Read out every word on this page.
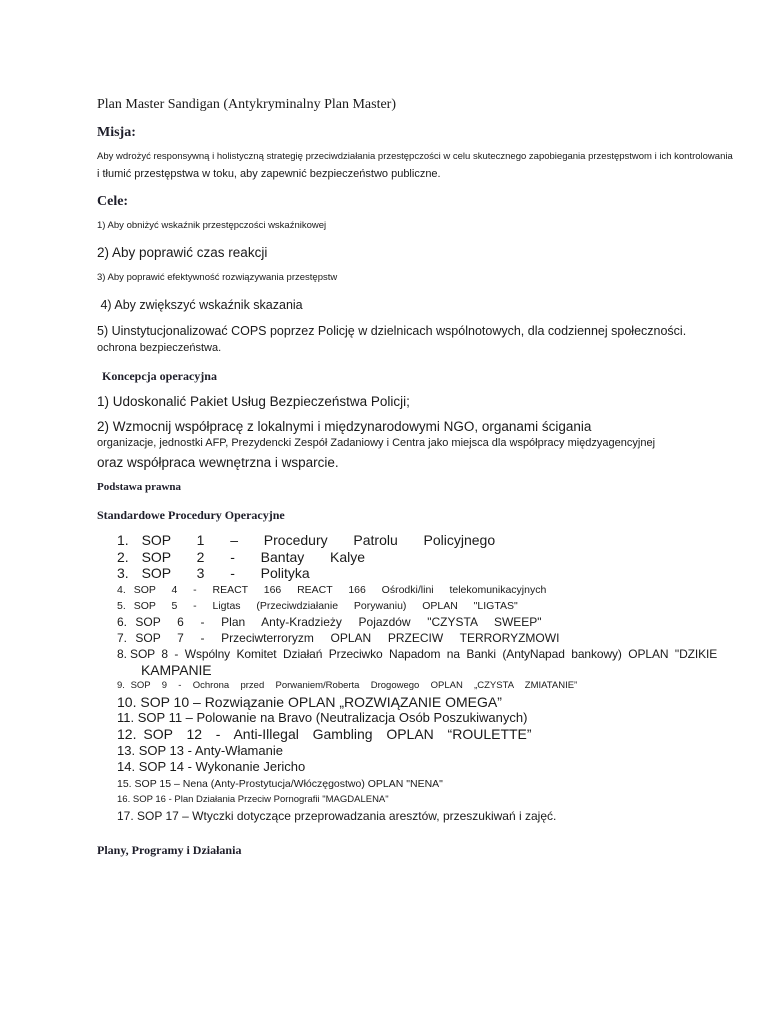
Plan Master Sandigan (Antykryminalny Plan Master)
Misja:
Aby wdrożyć responsywną i holistyczną strategię przeciwdziałania przestępczości w celu skutecznego zapobiegania przestępstwom i ich kontrolowania
i tłumić przestępstwa w toku, aby zapewnić bezpieczeństwo publiczne.
Cele:
1) Aby obniżyć wskaźnik przestępczości wskaźnikowej
2) Aby poprawić czas reakcji
3) Aby poprawić efektywność rozwiązywania przestępstw
4) Aby zwiększyć wskaźnik skazania
5) Uinstytucjonalizować COPS poprzez Policję w dzielnicach wspólnotowych, dla codziennej społeczności.
ochrona bezpieczeństwa.
Koncepcja operacyjna
1) Udoskonalić Pakiet Usług Bezpieczeństwa Policji;
2) Wzmocnij współpracę z lokalnymi i międzynarodowymi NGO, organami ścigania
organizacje, jednostki AFP, Prezydencki Zespół Zadaniowy i Centra jako miejsca dla współpracy międzyagencyjnej
oraz współpraca wewnętrzna i wsparcie.
Podstawa prawna
Standardowe Procedury Operacyjne
1. SOP  1  –  Procedury  Patrolu  Policyjnego
2. SOP  2  -  Bantay  Kalye
3. SOP  3  -  Polityka
4. SOP  4  -  REACT  166  REACT  166  Ośrodki/lini  telekomunikacyjnych
5. SOP  5  -  Ligtas  (Przeciwdziałanie  Porywaniu)  OPLAN  "LIGTAS"
6. SOP  6  -  Plan  Anty-Kradzieży  Pojazdów  "CZYSTA  SWEEP"
7. SOP  7  -  Przeciwterroryzm  OPLAN  PRZECIW  TERRORYZMOWI
8. SOP  8  -  Wspólny  Komitet  Działań  Przeciwko  Napadom  na  Banki  (AntyNapad  bankowy)  OPLAN  "DZIKIE
KAMPANIE
9. SOP  9  -  Ochrona  przed  Porwaniem/Roberta  Drogowego  OPLAN  „CZYSTA  ZMIATANIE”
10. SOP 10 – Rozwiązanie OPLAN „ROZWIĄZANIE OMEGA”
11. SOP 11 – Polowanie na Bravo (Neutralizacja Osób Poszukiwanych)
12. SOP  12  -  Anti-Illegal  Gambling  OPLAN  “ROULETTE”
13. SOP 13 - Anty-Włamanie
14. SOP 14 - Wykonanie Jericho
15. SOP 15 – Nena (Anty-Prostytucja/Włóczęgostwo) OPLAN "NENA"
16. SOP 16 - Plan Działania Przeciw Pornografii "MAGDALENA"
17. SOP 17 – Wtyczki dotyczące przeprowadzania aresztów, przeszukiwań i zajęć.
Plany, Programy i Działania
